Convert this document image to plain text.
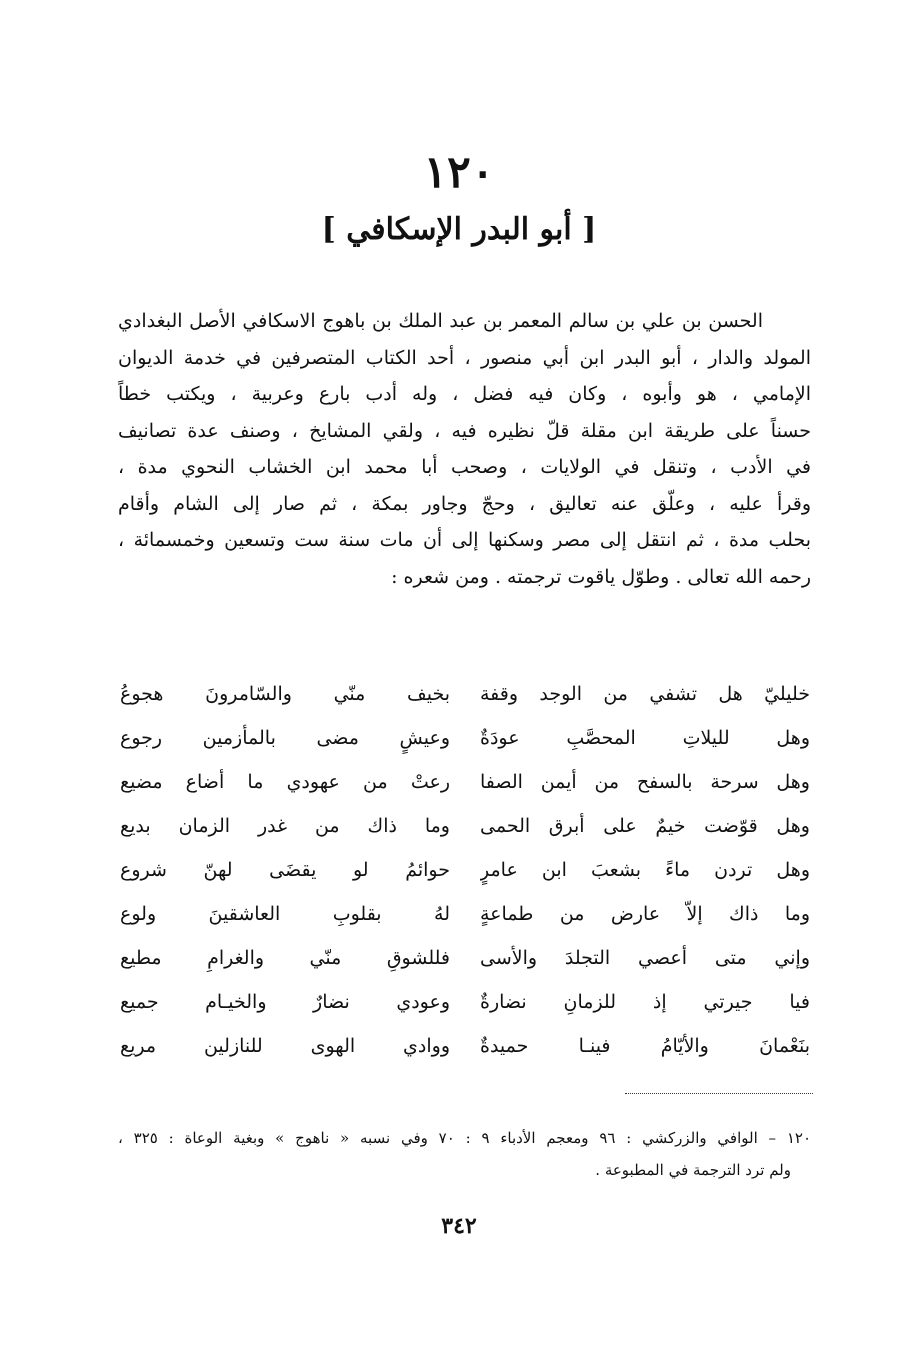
١٢٠
[ أبو البدر الإسكافي ]
الحسن بن علي بن سالم المعمر بن عبد الملك بن باهوج الاسكافي الأصل البغدادي
المولد والدار ، أبو البدر ابن أبي منصور ، أحد الكتاب المتصرفين في خدمة الديوان
الإمامي ، هو وأبوه ، وكان فيه فضل ، وله أدب بارع وعربية ، ويكتب خطاً
حسناً على طريقة ابن مقلة قلّ نظيره فيه ، ولقي المشايخ ، وصنف عدة تصانيف
في الأدب ، وتنقل في الولايات ، وصحب أبا محمد ابن الخشاب النحوي مدة ،
وقرأ عليه ، وعلّق عنه تعاليق ، وحجّ وجاور بمكة ، ثم صار إلى الشام وأقام
بحلب مدة ، ثم انتقل إلى مصر وسكنها إلى أن مات سنة ست وتسعين وخمسمائة ،
رحمه الله تعالى . وطوّل ياقوت ترجمته . ومن شعره :
خليليّ هل تشفي من الوجد وقفة
بخيف منّي والسّامرونَ هجوعُ
وهل لليلاتِ المحصَّبِ عودَةٌ
وعيشٍ مضى بالمأزمين رجوع
وهل سرحة بالسفح من أيمن الصفا
رعتْ من عهودي ما أضاع مضيع
وهل قوّضت خيمٌ على أبرق الحمى
وما ذاك من غدر الزمان بديع
وهل تردن ماءً بشعبَ ابن عامرٍ
حوائمُ لو يقضَى لهنّ شروع
وما ذاك إلاّ عارض من طماعةٍ
لهُ بقلوبِ العاشقينَ ولوع
وإني متى أعصي التجلدَ والأسى
فللشوقِ منّي والغرامِ مطيع
فيا جيرتي إذ للزمانِ نضارةٌ
وعودي نضارٌ والخيـام جميع
بنَعْمانَ والأيّامُ فينـا حميدةٌ
ووادي الهوى للنازلين مريع
١٢٠ – الوافي والزركشي : ٩٦ ومعجم الأدباء ٩ : ٧٠ وفي نسبه « ناهوج » وبغية الوعاة : ٣٢٥ ،
ولم ترد الترجمة في المطبوعة .
٣٤٢
